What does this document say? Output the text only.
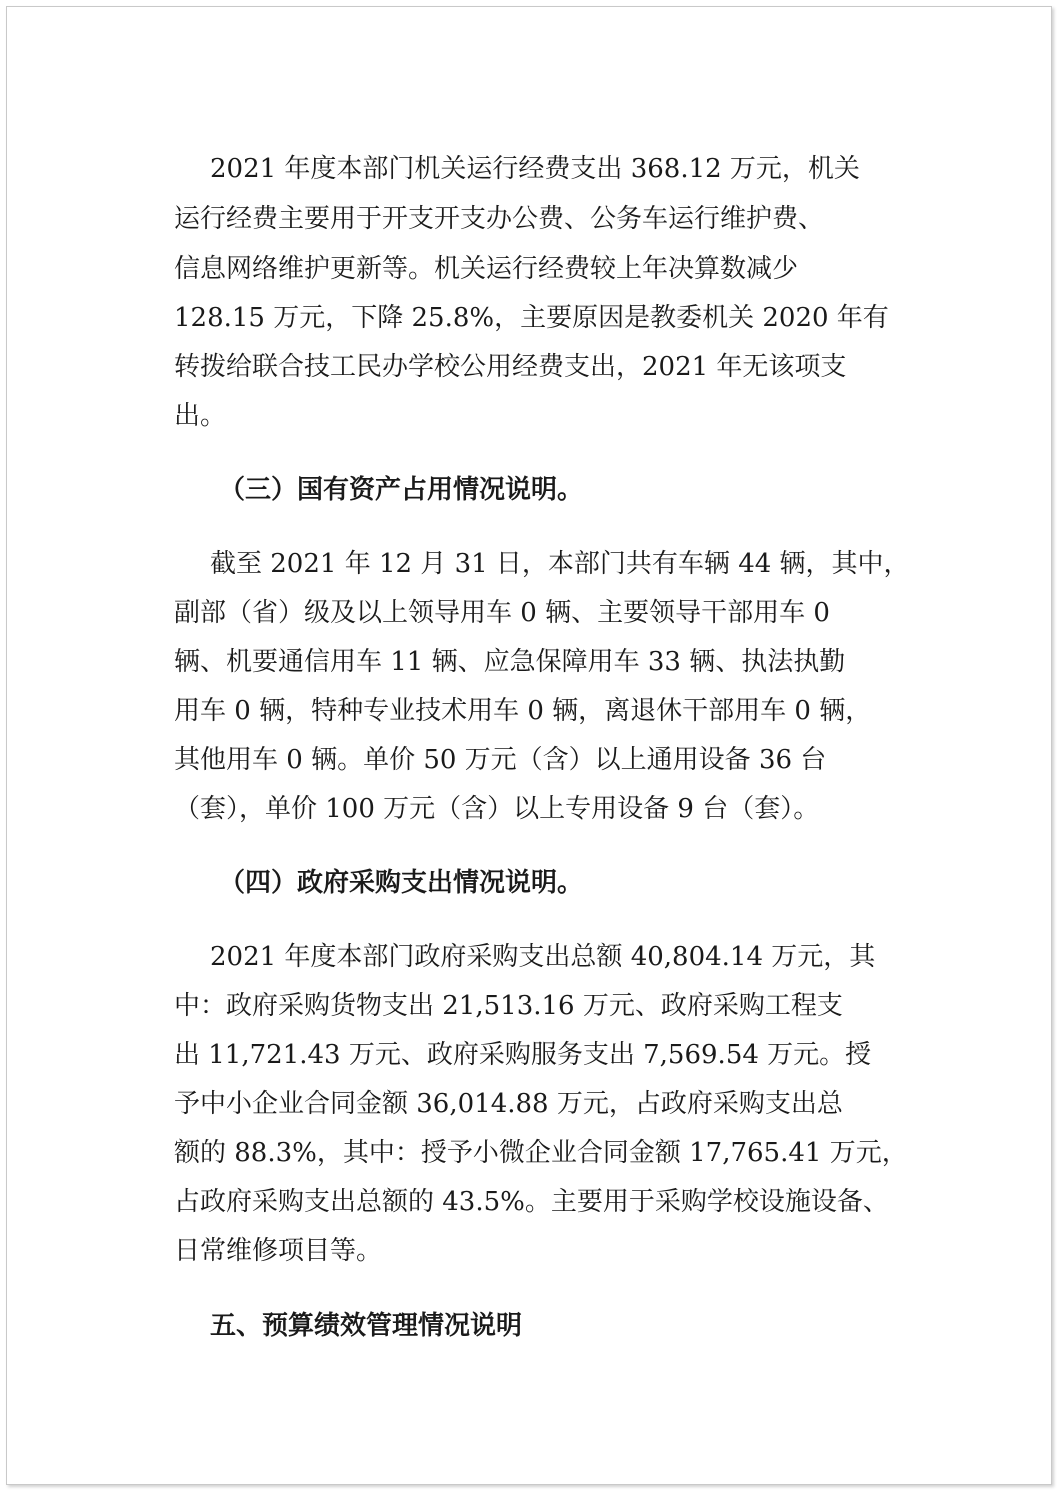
2021 年度本部门机关运行经费支出 368.12 万元，机关

运行经费主要用于开支开支办公费、公务车运行维护费、

信息网络维护更新等。机关运行经费较上年决算数减少

128.15 万元，下降 25.8%，主要原因是教委机关 2020 年有

转拨给联合技工民办学校公用经费支出，2021 年无该项支

出。

（三）国有资产占用情况说明。

截至 2021 年 12 月 31 日，本部门共有车辆 44 辆，其中，

副部（省）级及以上领导用车 0 辆、主要领导干部用车 0

辆、机要通信用车 11 辆、应急保障用车 33 辆、执法执勤

用车 0 辆，特种专业技术用车 0 辆，离退休干部用车 0 辆，

其他用车 0 辆。单价 50 万元（含）以上通用设备 36 台

（套），单价 100 万元（含）以上专用设备 9 台（套）。

（四）政府采购支出情况说明。

2021 年度本部门政府采购支出总额 40,804.14 万元，其

中：政府采购货物支出 21,513.16 万元、政府采购工程支

出 11,721.43 万元、政府采购服务支出 7,569.54 万元。授

予中小企业合同金额 36,014.88 万元，占政府采购支出总

额的 88.3%，其中：授予小微企业合同金额 17,765.41 万元，

占政府采购支出总额的 43.5%。主要用于采购学校设施设备、

日常维修项目等。

五、预算绩效管理情况说明
